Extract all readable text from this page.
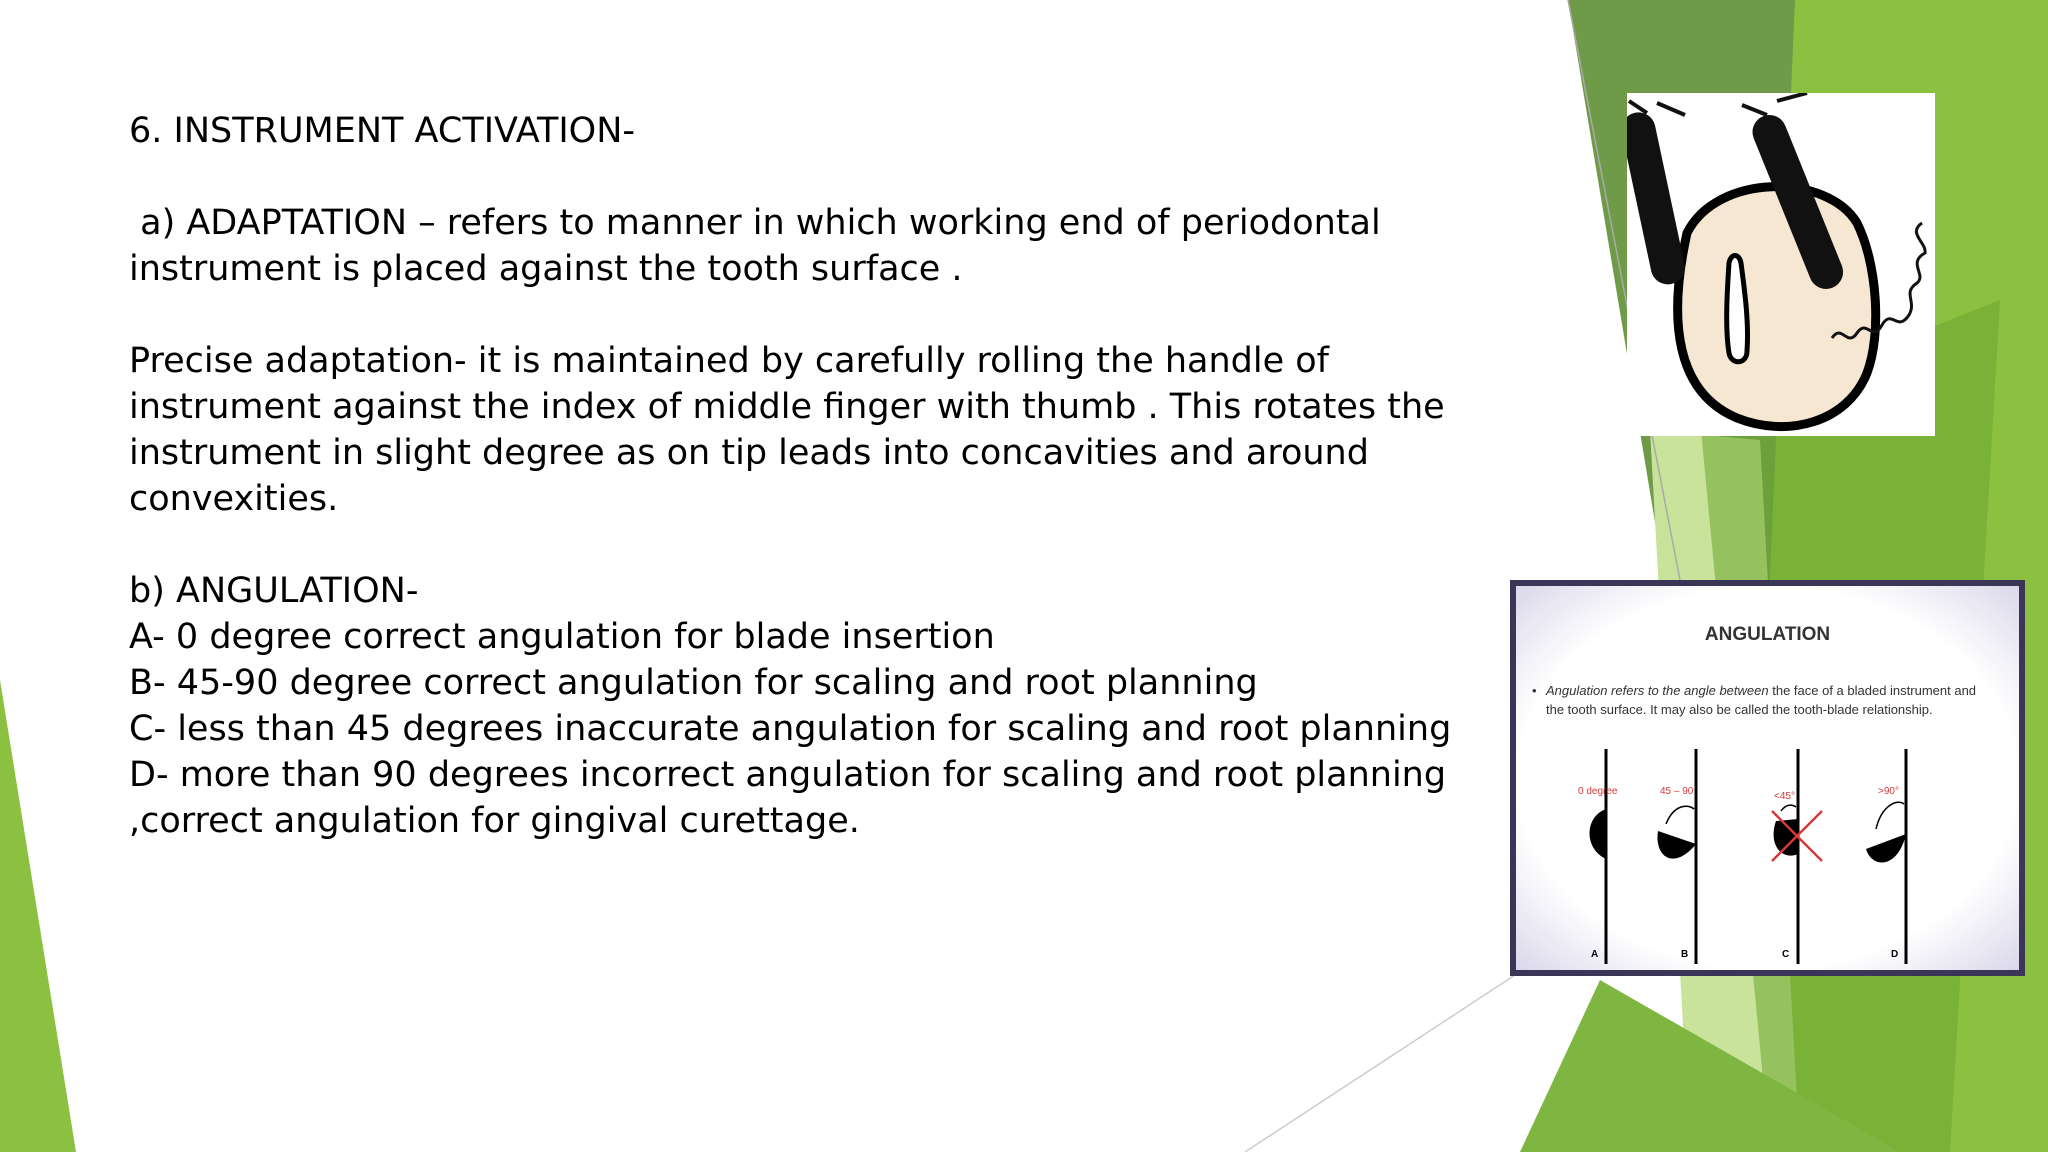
6. INSTRUMENT ACTIVATION-

a) ADAPTATION – refers to manner in which working end of periodontal

instrument is placed against the tooth surface .

Precise adaptation- it is maintained by carefully rolling the handle of

instrument against the index of middle finger with thumb . This rotates the

instrument in slight degree as on tip leads into concavities and around

convexities.

b) ANGULATION-

A- 0 degree correct angulation for blade insertion

B- 45-90 degree correct angulation for scaling and root planning

C- less than 45 degrees inaccurate angulation for scaling and root planning

D- more than 90 degrees incorrect angulation for scaling and root planning

,correct angulation for gingival curettage.

ANGULATION
• Angulation refers to the angle between the face of a bladed instrument and the tooth surface. It may also be called the tooth-blade relationship.
0 degree
A
45 – 90
B
<45°
C
>90°
D
